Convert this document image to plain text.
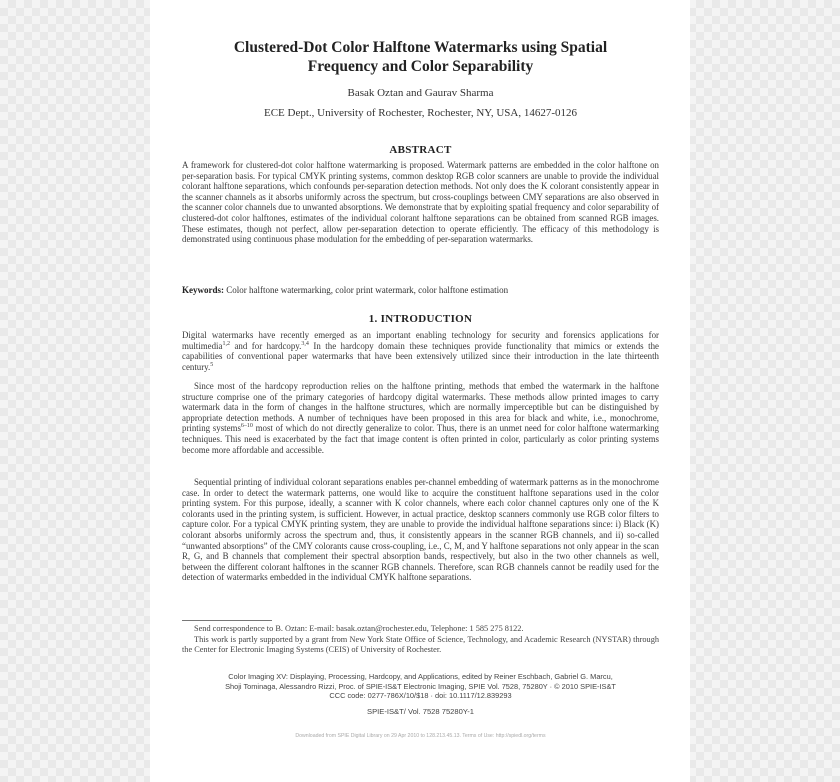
Clustered-Dot Color Halftone Watermarks using Spatial
Frequency and Color Separability
Basak Oztan and Gaurav Sharma
ECE Dept., University of Rochester, Rochester, NY, USA, 14627-0126
ABSTRACT
A framework for clustered-dot color halftone watermarking is proposed. Watermark patterns are embedded in the color halftone on per-separation basis. For typical CMYK printing systems, common desktop RGB color scanners are unable to provide the individual colorant halftone separations, which confounds per-separation detection methods. Not only does the K colorant consistently appear in the scanner channels as it absorbs uniformly across the spectrum, but cross-couplings between CMY separations are also observed in the scanner color channels due to unwanted absorptions. We demonstrate that by exploiting spatial frequency and color separability of clustered-dot color halftones, estimates of the individual colorant halftone separations can be obtained from scanned RGB images. These estimates, though not perfect, allow per-separation detection to operate efficiently. The efficacy of this methodology is demonstrated using continuous phase modulation for the embedding of per-separation watermarks.
Keywords: Color halftone watermarking, color print watermark, color halftone estimation
1. INTRODUCTION
Digital watermarks have recently emerged as an important enabling technology for security and forensics applications for multimedia$^{1,2}$ and for hardcopy.$^{3,4}$ In the hardcopy domain these techniques provide functionality that mimics or extends the capabilities of conventional paper watermarks that have been extensively utilized since their introduction in the late thirteenth century.$^5$
Since most of the hardcopy reproduction relies on the halftone printing, methods that embed the watermark in the halftone structure comprise one of the primary categories of hardcopy digital watermarks. These methods allow printed images to carry watermark data in the form of changes in the halftone structures, which are normally imperceptible but can be distinguished by appropriate detection methods. A number of techniques have been proposed in this area for black and white, i.e., monochrome, printing systems$^{6-10}$ most of which do not directly generalize to color. Thus, there is an unmet need for color halftone watermarking techniques. This need is exacerbated by the fact that image content is often printed in color, particularly as color printing systems become more affordable and accessible.
Sequential printing of individual colorant separations enables per-channel embedding of watermark patterns as in the monochrome case. In order to detect the watermark patterns, one would like to acquire the constituent halftone separations used in the color printing system. For this purpose, ideally, a scanner with K color channels, where each color channel captures only one of the K colorants used in the printing system, is sufficient. However, in actual practice, desktop scanners commonly use RGB color filters to capture color. For a typical CMYK printing system, they are unable to provide the individual halftone separations since: i) Black (K) colorant absorbs uniformly across the spectrum and, thus, it consistently appears in the scanner RGB channels, and ii) so-called “unwanted absorptions” of the CMY colorants cause cross-coupling, i.e., C, M, and Y halftone separations not only appear in the scan R, G, and B channels that complement their spectral absorption bands, respectively, but also in the two other channels as well, between the different colorant halftones in the scanner RGB channels. Therefore, scan RGB channels cannot be readily used for the detection of watermarks embedded in the individual CMYK halftone separations.
Send correspondence to B. Oztan: E-mail: basak.oztan@rochester.edu, Telephone: 1 585 275 8122.
This work is partly supported by a grant from New York State Office of Science, Technology, and Academic Research (NYSTAR) through the Center for Electronic Imaging Systems (CEIS) of University of Rochester.
Color Imaging XV: Displaying, Processing, Hardcopy, and Applications, edited by Reiner Eschbach, Gabriel G. Marcu,
Shoji Tominaga, Alessandro Rizzi, Proc. of SPIE-IS&T Electronic Imaging, SPIE Vol. 7528, 75280Y · © 2010 SPIE-IS&T
CCC code: 0277-786X/10/$18 · doi: 10.1117/12.839293
SPIE-IS&T/ Vol. 7528 75280Y-1
Downloaded from SPIE Digital Library on 29 Apr 2010 to 128.213.45.13. Terms of Use: http://spiedl.org/terms
